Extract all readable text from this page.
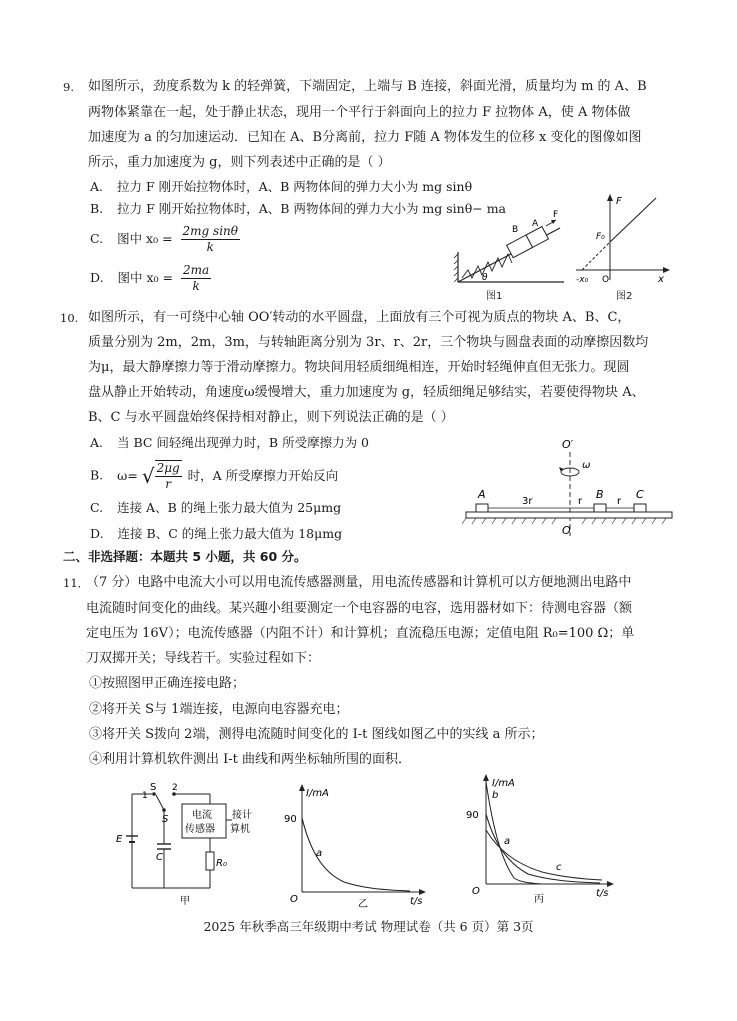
9. 如图所示，劲度系数为 k 的轻弹簧，下端固定，上端与 B 连接，斜面光滑，质量均为 m 的 A、B
两物体紧靠在一起，处于静止状态，现用一个平行于斜面向上的拉力 F 拉物体 A，使 A 物体做
加速度为 a 的匀加速运动．已知在 A、B分离前，拉力 F随 A 物体发生的位移 x 变化的图像如图
所示，重力加速度为 g，则下列表述中正确的是（ ）
A. 拉力 F 刚开始拉物体时，A、B 两物体间的弹力大小为 mg sinθ
B. 拉力 F 刚开始拉物体时，A、B 两物体间的弹力大小为 mg sinθ− ma
C. 图中 $x_0 = \frac{\text{2mg sinθ}}{k}$
D. 图中 $x_0 = \frac{2ma}{k}$
B
A
F
θ
图1
F
F₀
x
-x₀ O
图2
10. 如图所示，有一可绕中心轴 OO′转动的水平圆盘，上面放有三个可视为质点的物块 A、B、C，
质量分别为 2m，2m，3m，与转轴距离分别为 3r、r、2r，三个物块与圆盘表面的动摩擦因数均
为μ，最大静摩擦力等于滑动摩擦力。物块间用轻质细绳相连，开始时轻绳伸直但无张力。现圆
盘从静止开始转动，角速度ω缓慢增大，重力加速度为 g，轻质细绳足够结实，若要使得物块 A、
B、C 与水平圆盘始终保持相对静止，则下列说法正确的是（ ）
A. 当 BC 间轻绳出现弹力时，B 所受摩擦力为 0
B. ω= √ $\frac{2\mu g}{r}$ 时，A 所受摩擦力开始反向
C. 连接 A、B 的绳上张力最大值为 25μmg
D. 连接 B、C 的绳上张力最大值为 18μmg
O′
ω
A	B	C
3r	r	r
O
二、非选择题：本题共 5 小题，共 60 分。
11．
（7 分）电路中电流大小可以用电流传感器测量，用电流传感器和计算机可以方便地测出电路中
电流随时间变化的曲线。某兴趣小组要测定一个电容器的电容，选用器材如下：待测电容器（额
定电压为 16V）；电流传感器（内阻不计）和计算机；直流稳压电源；定值电阻 R₀=100 Ω；单
刀双掷开关；导线若干。实验过程如下：
①按照图甲正确连接电路；
②将开关 S与 1端连接，电源向电容器充电；
③将开关 S拨向 2端，测得电流随时间变化的 I-t 图线如图乙中的实线 a 所示；
④利用计算机软件测出 I-t 曲线和两坐标轴所围的面积．
S
1
2
S
E
C
R₀
电流
传感器
接计
算机
甲
I/mA
90
a
O	t/s
乙
I/mA
90
b
a
c
O	t/s
丙
2025 年秋季高三年级期中考试 物理试卷（共 6 页）第 3页
